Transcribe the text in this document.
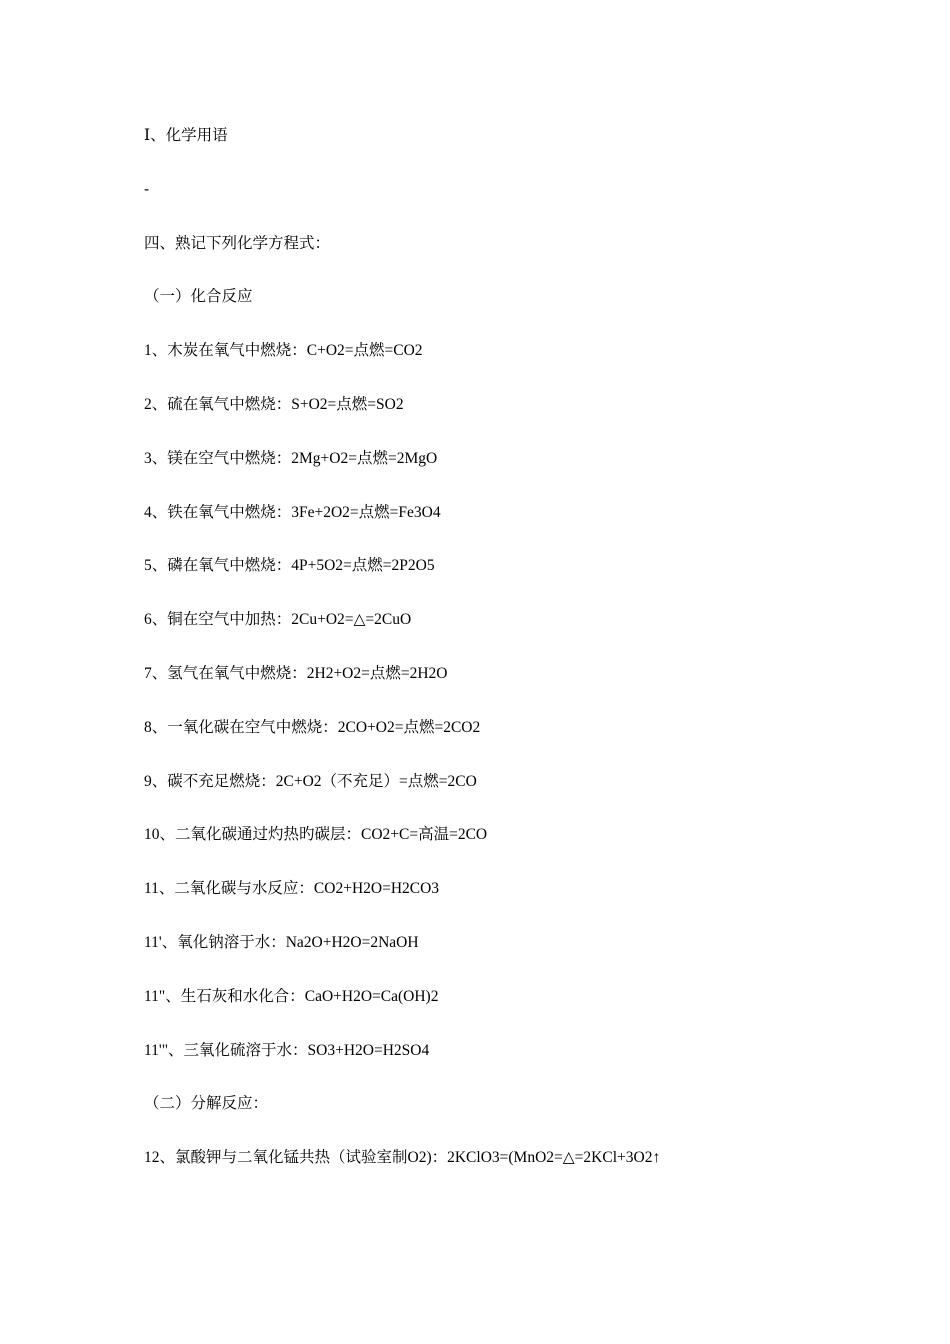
Ⅰ、化学用语
-
四、熟记下列化学方程式：
（一）化合反应
1、木炭在氧气中燃烧：C+O2=点燃=CO2
2、硫在氧气中燃烧：S+O2=点燃=SO2
3、镁在空气中燃烧：2Mg+O2=点燃=2MgO
4、铁在氧气中燃烧：3Fe+2O2=点燃=Fe3O4
5、磷在氧气中燃烧：4P+5O2=点燃=2P2O5
6、铜在空气中加热：2Cu+O2=△=2CuO
7、氢气在氧气中燃烧：2H2+O2=点燃=2H2O
8、一氧化碳在空气中燃烧：2CO+O2=点燃=2CO2
9、碳不充足燃烧：2C+O2（不充足）=点燃=2CO
10、二氧化碳通过灼热旳碳层：CO2+C=高温=2CO
11、二氧化碳与水反应：CO2+H2O=H2CO3
11'、氧化钠溶于水：Na2O+H2O=2NaOH
11"、生石灰和水化合：CaO+H2O=Ca(OH)2
11'"、三氧化硫溶于水：SO3+H2O=H2SO4
（二）分解反应：
12、氯酸钾与二氧化锰共热（试验室制O2)：2KClO3=(MnO2=△=2KCl+3O2↑
